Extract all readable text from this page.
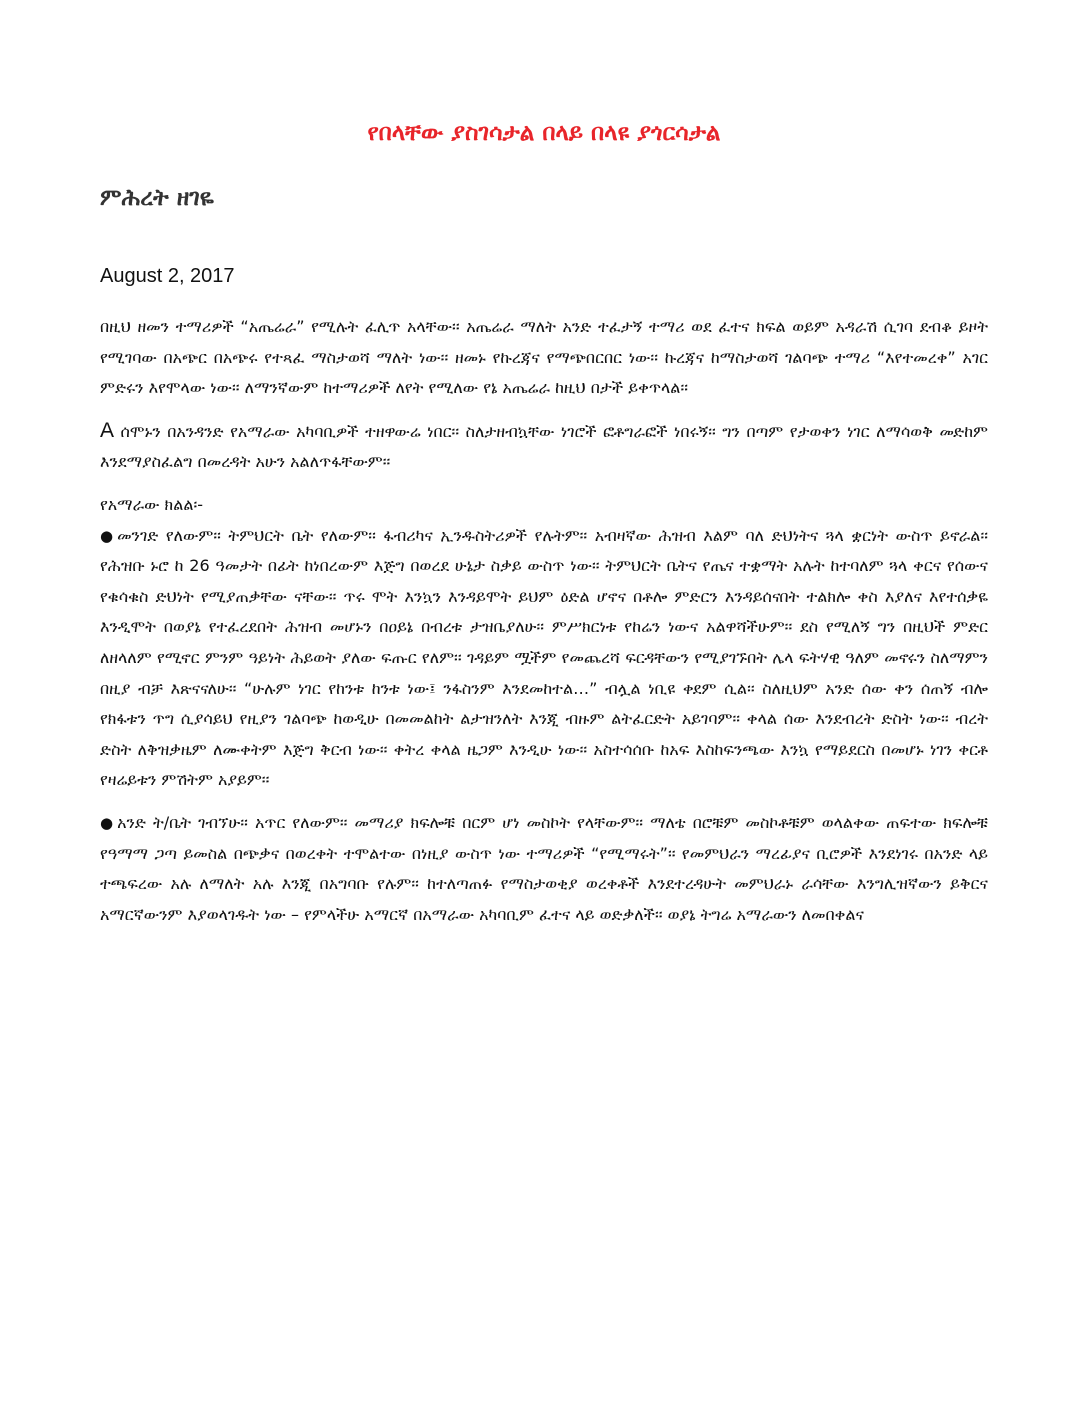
የበላቸው ያስገሳታል በላይ በላዩ ያጎርሳታል
ምሕረት ዘገዬ
August 2, 2017

በዚህ ዘመን ተማሪዎች “አጤሬራ” የሚሉት ፈሊጥ አላቸው፡፡ አጤሬራ ማለት አንድ ተፈታኝ ተማሪ ወደ ፈተና ክፍል ወይም አዳራሽ ሲገባ ደብቆ ይዞት የሚገባው በአጭር በአጭሩ የተጻፈ ማስታወሻ ማለት ነው፡፡ ዘመኑ የኩረጃና የማጭበርበር ነው፡፡ ኩረጃና ከማስታወሻ ገልባጭ ተማሪ “እየተመረቀ” አገር ምድሩን እየሞላው ነው፡፡ ለማንኛውም ከተማሪዎች ለየት የሚለው የኔ አጤሬራ ከዚህ በታች ይቀጥላል፡፡

A ሰሞኑን በአንዳንድ የአማራው አካባቢዎች ተዘዋውሬ ነበር፡፡ ስለታዘብኳቸው ነገሮች ፎቶግራፎች ነበሩኝ፡፡ ግን በጣም የታወቀን ነገር ለማሳወቅ መድከም እንደማያስፈልግ በመረዳት አሁን አልለጥፋቸውም፡፡

የአማራው ክልል፡-

● መንገድ የለውም፡፡ ትምህርት ቤት የለውም፡፡ ፋብሪካና ኢንዱስትሪዎች የሉትም፡፡ አብዛኛው ሕዝብ እልም ባለ ድህነትና ጓላ ቋርነት ውስጥ ይኖራል፡፡ የሕዝቡ ኑሮ ከ 26 ዓመታት በፊት ከነበረውም እጅግ በወረደ ሁኔታ ስቃይ ውስጥ ነው፡፡ ትምህርት ቤትና የጤና ተቋማት አሉት ከተባለም ጓላ ቀርና የሰውና የቁሳቁስ ድህነት የሚያጠቃቸው ናቸው፡፡ ጥሩ ሞት እንኳን እንዳይሞት ይህም ዕድል ሆኖና በቶሎ ምድርን እንዳይሰናበት ተልክሎ ቀስ እያለና እየተሰቃዬ እንዲሞት በወያኔ የተፈረደበት ሕዝብ መሆኑን በዐይኔ በብረቱ ታዝቤያለሁ፡፡ ምሥክርነቱ የከሬን ነውና አልዋሻችሁም፡፡ ደስ የሚለኝ ግን በዚህች ምድር ለዘላለም የሚኖር ምንም ዓይነት ሕይወት ያለው ፍጡር የለም፡፡ ገዳይም ሟችም የመጨረሻ ፍርዳቸውን የሚያገኙበት ሌላ ፍትሃዊ ዓለም መኖሩን ስለማምን በዚያ ብቻ እጽናናለሁ፡፡ “ሁሉም ነገር የከንቱ ከንቱ ነው፤ ንፋስንም እንደመከተል…” ብሏል ነቢዩ ቀደም ሲል፡፡ ስለዚህም አንድ ሰው ቀን ሰጠኝ ብሎ የክፋቱን ጥግ ሲያሳይህ የዚያን ገልባጭ ከወዲሁ በመመልከት ልታዝንለት እንጂ ብዙም ልትፈርድት አይገባም፡፡ ቀላል ሰው እንደብረት ድስት ነው፡፡ ብረት ድስት ለቅዝቃዜም ለሙቀትም እጅግ ቅርብ ነው፡፡ ቀትረ ቀላል ዜጋም እንዲሁ ነው፡፡ አስተሳሰቡ ከአፍ እስከፍንጫው እንኳ የማይደርስ በመሆኑ ነገን ቀርቶ የዛሬይቱን ምሽትም አያይም፡፡

● አንድ ት/ቤት ገብኘሁ፡፡ አጥር የለውም፡፡ መማሪያ ክፍሎቹ በርም ሆነ መስኮት የላቸውም፡፡ ማለቴ በሮቹም መስኮቶቹም ወላልቀው ጠፍተው ክፍሎቹ የዓማማ ጋጣ ይመስል በጭቃና በወረቀት ተሞልተው በነዚያ ውስጥ ነው ተማሪዎች “የሚማሩት”፡፡ የመምህራን ማረፊያና ቢሮዎች እንደነገሩ በአንድ ላይ ተጫፍረው አሉ ለማለት አሉ እንጂ በአግባቡ የሉም፡፡ ከተለጣጠፉ የማስታወቂያ ወረቀቶች እንደተረዳሁት መምህራኑ ራሳቸው እንግሊዝኛውን ይቅርና አማርኛውንም እያወላገዱት ነው – የምላችሁ አማርኛ በአማራው አካባቢም ፈተና ላይ ወድቃለች፡፡ ወያኔ ትግሬ አማራውን ለመበቀልና
